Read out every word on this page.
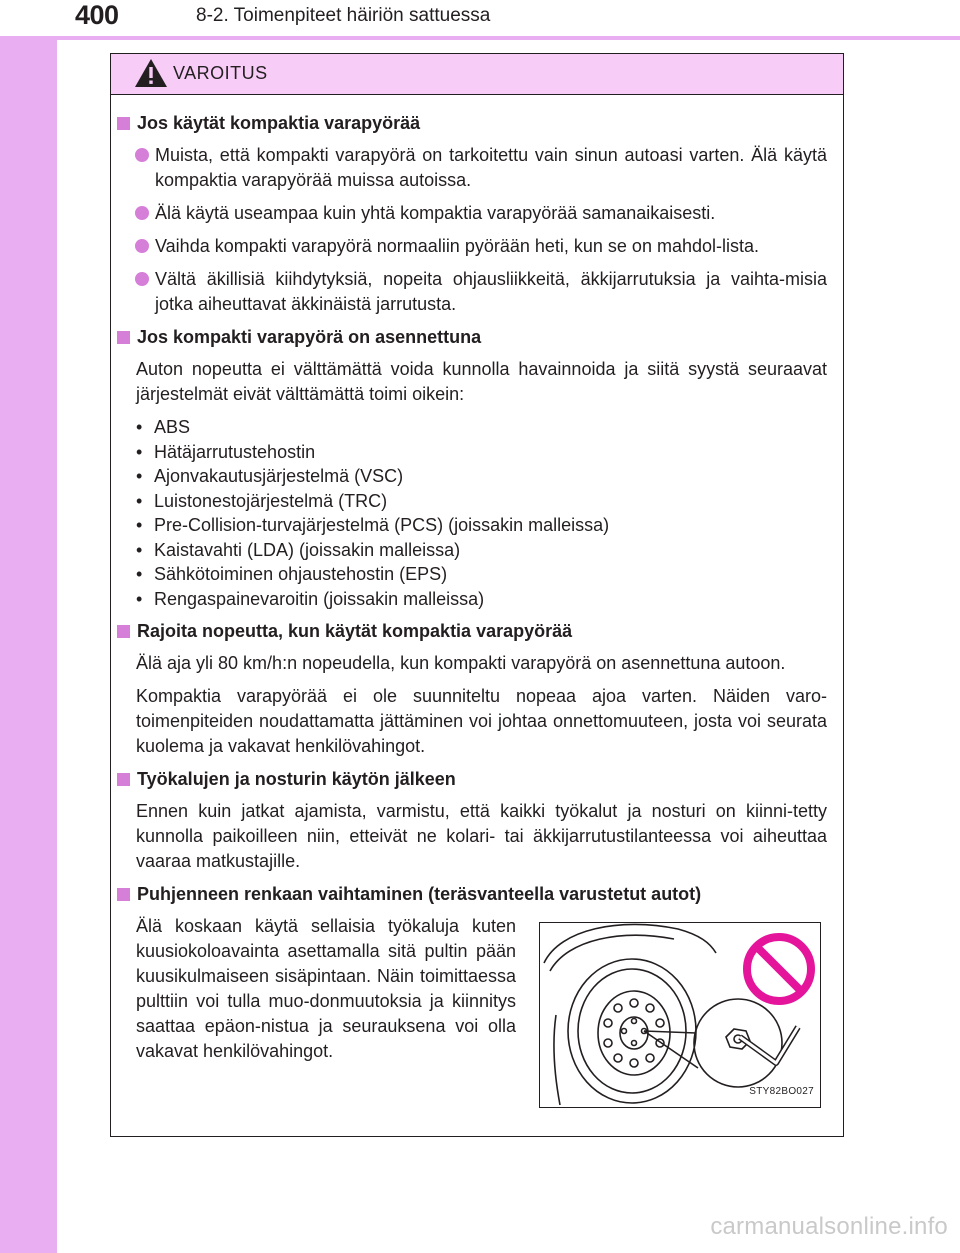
400	8-2. Toimenpiteet häiriön sattuessa
VAROITUS
Jos käytät kompaktia varapyörää
Muista, että kompakti varapyörä on tarkoitettu vain sinun autoasi varten. Älä käytä kompaktia varapyörää muissa autoissa.
Älä käytä useampaa kuin yhtä kompaktia varapyörää samanaikaisesti.
Vaihda kompakti varapyörä normaaliin pyörään heti, kun se on mahdol-lista.
Vältä äkillisiä kiihdytyksiä, nopeita ohjausliikkeitä, äkkijarrutuksia ja vaihta-misia jotka aiheuttavat äkkinäistä jarrutusta.
Jos kompakti varapyörä on asennettuna
Auton nopeutta ei välttämättä voida kunnolla havainnoida ja siitä syystä seuraavat järjestelmät eivät välttämättä toimi oikein:
• ABS
• Hätäjarrutustehostin
• Ajonvakautusjärjestelmä (VSC)
• Luistonestojärjestelmä (TRC)
• Pre-Collision-turvajärjestelmä (PCS) (joissakin malleissa)
• Kaistavahti (LDA) (joissakin malleissa)
• Sähkötoiminen ohjaustehostin (EPS)
• Rengaspainevaroitin (joissakin malleissa)
Rajoita nopeutta, kun käytät kompaktia varapyörää
Älä aja yli 80 km/h:n nopeudella, kun kompakti varapyörä on asennettuna autoon.
Kompaktia varapyörää ei ole suunniteltu nopeaa ajoa varten. Näiden varo-toimenpiteiden noudattamatta jättäminen voi johtaa onnettomuuteen, josta voi seurata kuolema ja vakavat henkilövahingot.
Työkalujen ja nosturin käytön jälkeen
Ennen kuin jatkat ajamista, varmistu, että kaikki työkalut ja nosturi on kiinni-tetty kunnolla paikoilleen niin, etteivät ne kolari- tai äkkijarrutustilanteessa voi aiheuttaa vaaraa matkustajille.
Puhjenneen renkaan vaihtaminen (teräsvanteella varustetut autot)
Älä koskaan käytä sellaisia työkaluja kuten kuusiokoloavainta asettamalla sitä pultin pään kuusikulmaiseen sisäpintaan. Näin toimittaessa pulttiin voi tulla muo-donmuutoksia ja kiinnitys saattaa epäon-nistua ja seurauksena voi olla vakavat henkilövahingot.
STY82BO027
carmanualsonline.info
